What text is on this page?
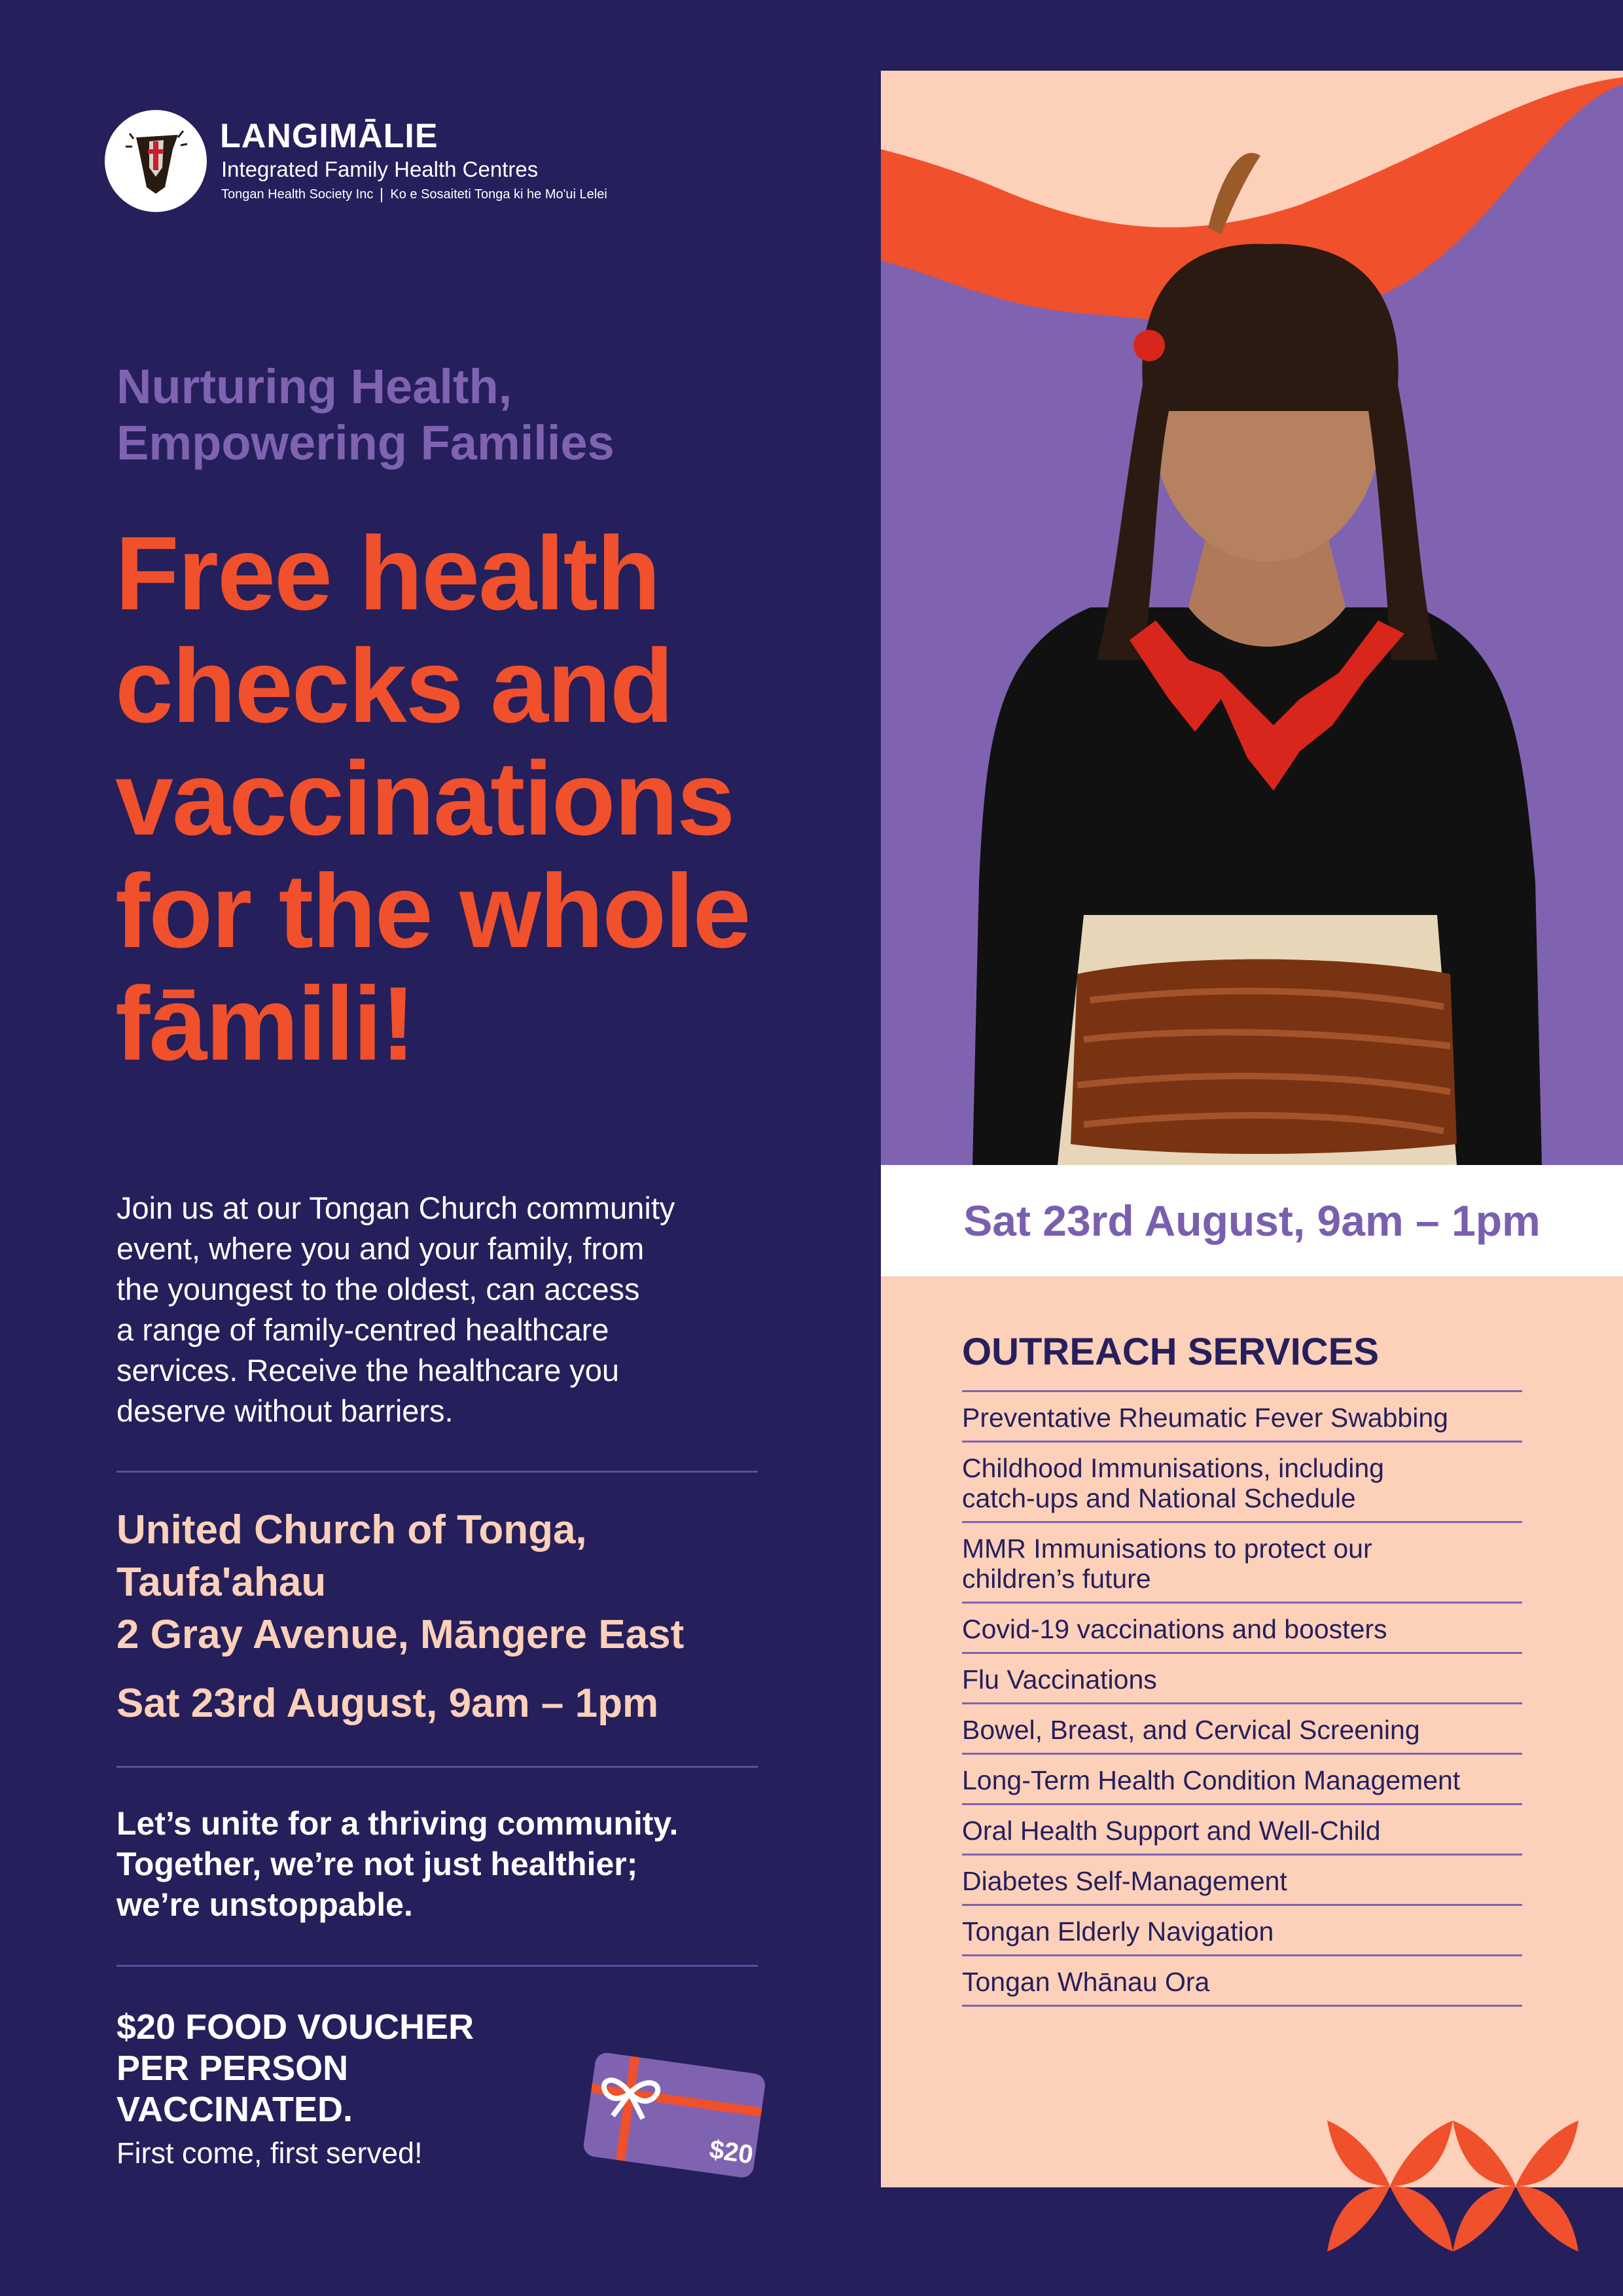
LANGIMĀLIE
Integrated Family Health Centres
Tongan Health Society Inc Ko e Sosaiteti Tonga ki he Mo'ui Lelei
Nurturing Health,
Empowering Families
Free health
checks and
vaccinations
for the whole
fāmili!
Join us at our Tongan Church community
event, where you and your family, from
the youngest to the oldest, can access
a range of family-centred healthcare
services. Receive the healthcare you
deserve without barriers.
United Church of Tonga,
Taufa'ahau
2 Gray Avenue, Māngere East
Sat 23rd August, 9am – 1pm
Let’s unite for a thriving community.
Together, we’re not just healthier;
we’re unstoppable.
$20 FOOD VOUCHER
PER PERSON
VACCINATED.
First come, first served!	$20
Sat 23rd August, 9am – 1pm
OUTREACH SERVICES
Preventative Rheumatic Fever Swabbing
Childhood Immunisations, including
catch-ups and National Schedule
MMR Immunisations to protect our
children’s future
Covid-19 vaccinations and boosters
Flu Vaccinations
Bowel, Breast, and Cervical Screening
Long-Term Health Condition Management
Oral Health Support and Well-Child
Diabetes Self-Management
Tongan Elderly Navigation
Tongan Whānau Ora
